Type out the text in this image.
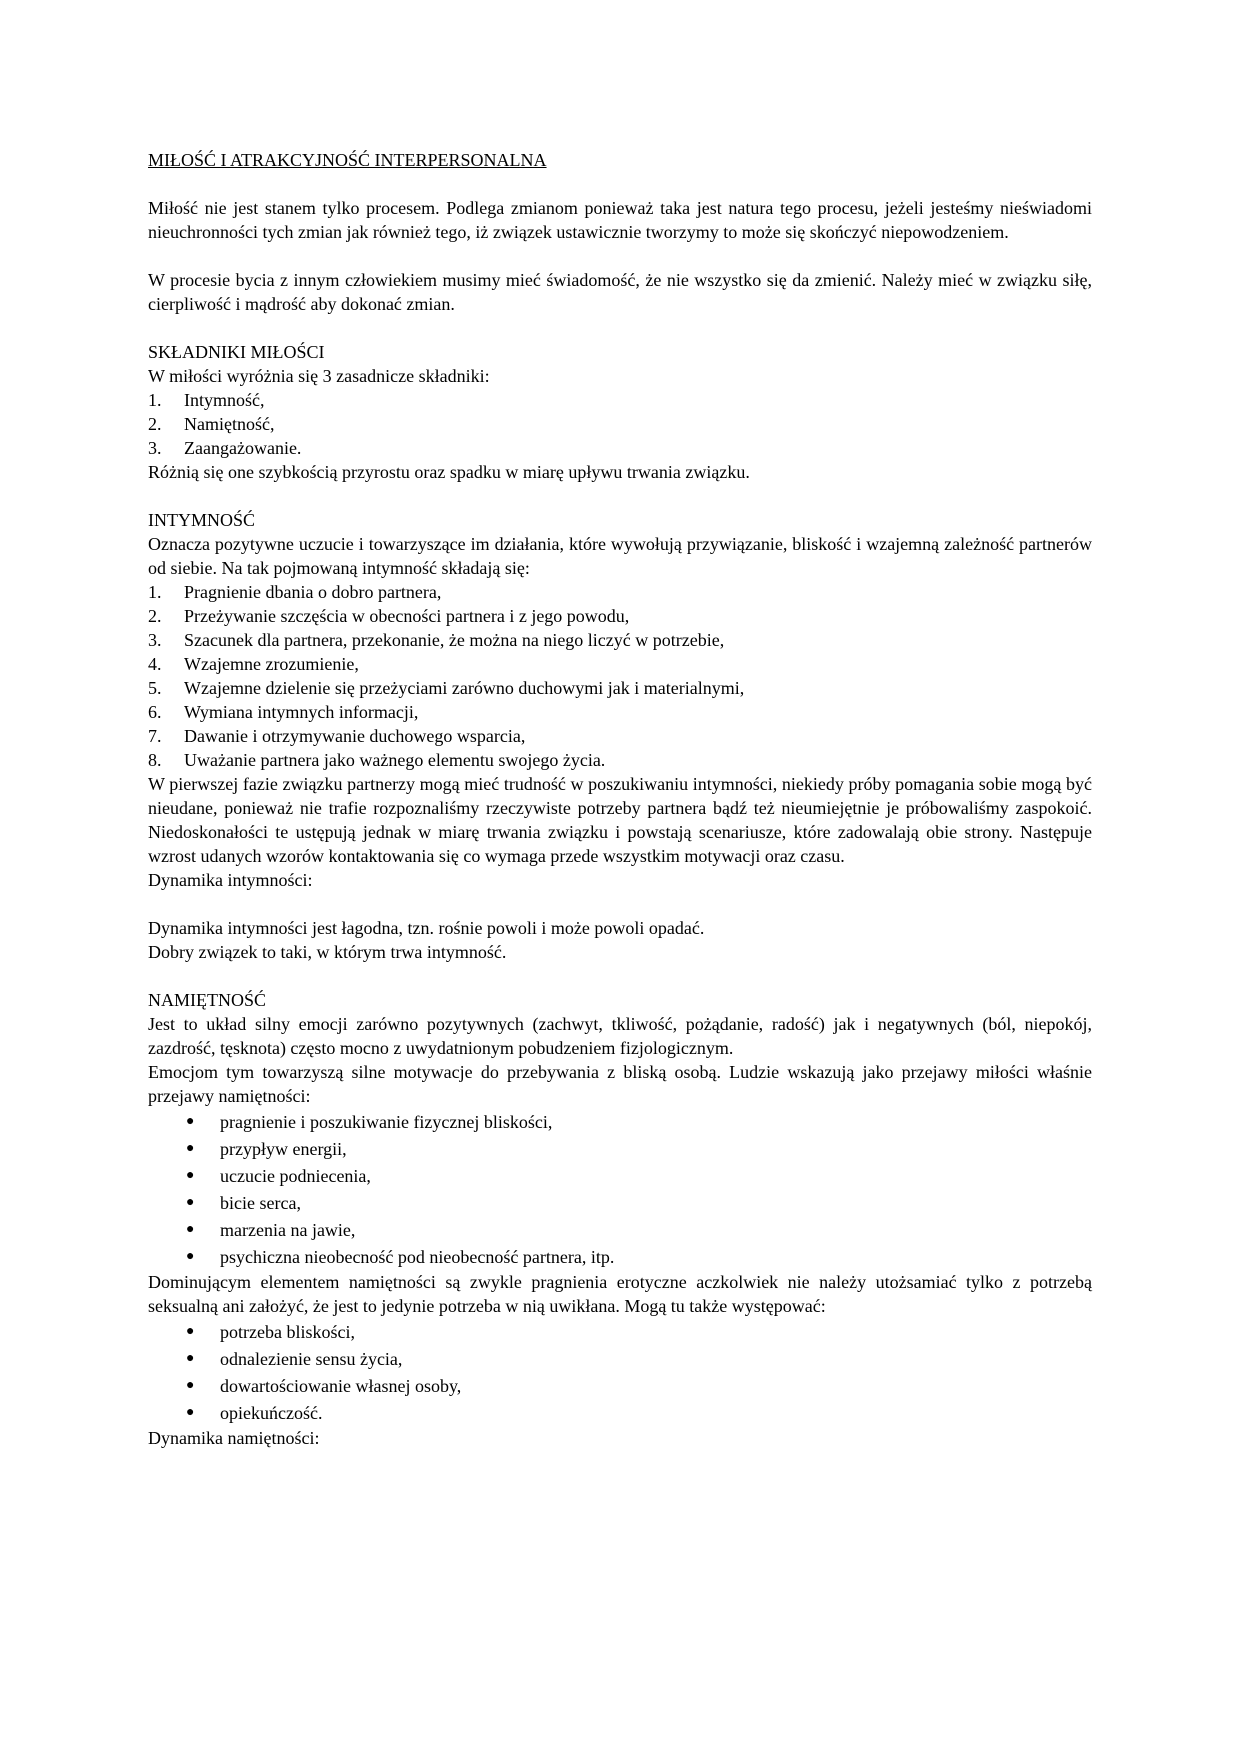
MIŁOŚĆ I ATRAKCYJNOŚĆ INTERPERSONALNA

Miłość nie jest stanem tylko procesem. Podlega zmianom ponieważ taka jest natura tego procesu, jeżeli jesteśmy nieświadomi nieuchronności tych zmian jak również tego, iż związek ustawicznie tworzymy to może się skończyć niepowodzeniem.

W procesie bycia z innym człowiekiem musimy mieć świadomość, że nie wszystko się da zmienić. Należy mieć w związku siłę, cierpliwość i mądrość aby dokonać zmian.

SKŁADNIKI MIŁOŚCI

W miłości wyróżnia się 3 zasadnicze składniki:

1.	Intymność,
2.	Namiętność,
3.	Zaangażowanie.

Różnią się one szybkością przyrostu oraz spadku w miarę upływu trwania związku.

INTYMNOŚĆ

Oznacza pozytywne uczucie i towarzyszące im działania, które wywołują przywiązanie, bliskość i wzajemną zależność partnerów od siebie. Na tak pojmowaną intymność składają się:

1.	Pragnienie dbania o dobro partnera,
2.	Przeżywanie szczęścia w obecności partnera i z jego powodu,
3.	Szacunek dla partnera, przekonanie, że można na niego liczyć w potrzebie,
4.	Wzajemne zrozumienie,
5.	Wzajemne dzielenie się przeżyciami zarówno duchowymi jak i materialnymi,
6.	Wymiana intymnych informacji,
7.	Dawanie i otrzymywanie duchowego wsparcia,
8.	Uważanie partnera jako ważnego elementu swojego życia.

W pierwszej fazie związku partnerzy mogą mieć trudność w poszukiwaniu intymności, niekiedy próby pomagania sobie mogą być nieudane, ponieważ nie trafie rozpoznaliśmy rzeczywiste potrzeby partnera bądź też nieumiejętnie je próbowaliśmy zaspokoić. Niedoskonałości te ustępują jednak w miarę trwania związku i powstają scenariusze, które zadowalają obie strony. Następuje wzrost udanych wzorów kontaktowania się co wymaga przede wszystkim motywacji oraz czasu.

Dynamika intymności:

Dynamika intymności jest łagodna, tzn. rośnie powoli i może powoli opadać.

Dobry związek to taki, w którym trwa intymność.

NAMIĘTNOŚĆ

Jest to układ silny emocji zarówno pozytywnych (zachwyt, tkliwość, pożądanie, radość) jak i negatywnych (ból, niepokój, zazdrość, tęsknota) często mocno z uwydatnionym pobudzeniem fizjologicznym.

Emocjom tym towarzyszą silne motywacje do przebywania z bliską osobą. Ludzie wskazują jako przejawy miłości właśnie przejawy namiętności:

●	pragnienie i poszukiwanie fizycznej bliskości,
●	przypływ energii,
●	uczucie podniecenia,
●	bicie serca,
●	marzenia na jawie,
●	psychiczna nieobecność pod nieobecność partnera, itp.

Dominującym elementem namiętności są zwykle pragnienia erotyczne aczkolwiek nie należy utożsamiać tylko z potrzebą seksualną ani założyć, że jest to jedynie potrzeba w nią uwikłana. Mogą tu także występować:

●	potrzeba bliskości,
●	odnalezienie sensu życia,
●	dowartościowanie własnej osoby,
●	opiekuńczość.

Dynamika namiętności:
